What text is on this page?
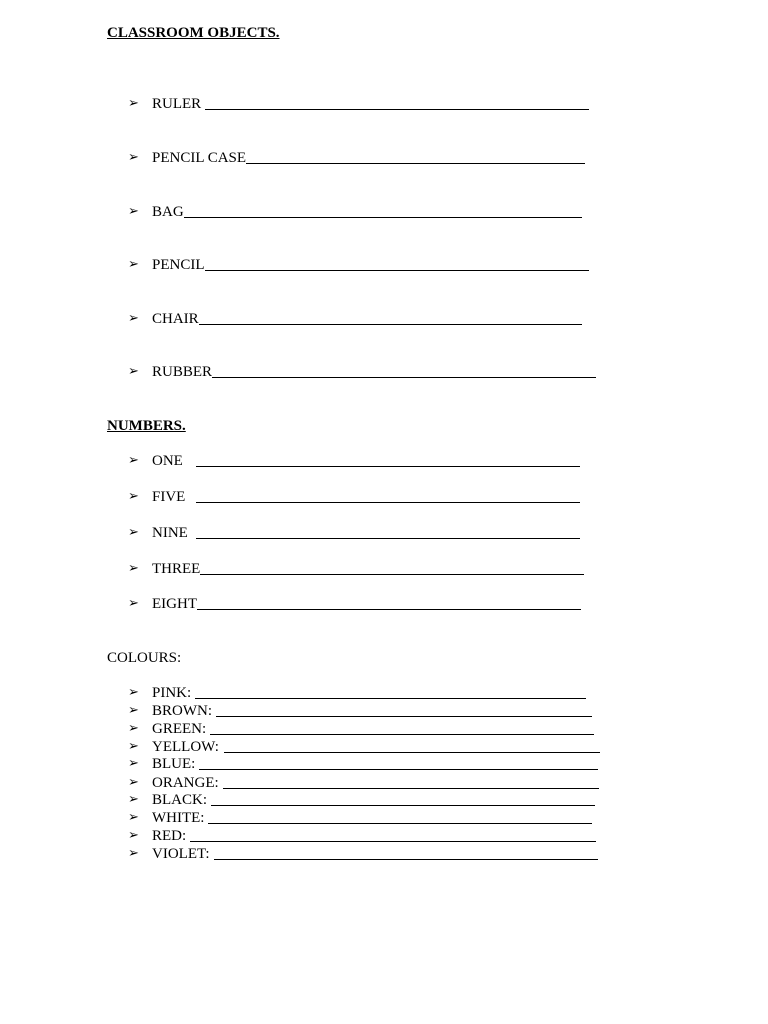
CLASSROOM OBJECTS.
➢ RULER
➢ PENCIL CASE
➢ BAG
➢ PENCIL
➢ CHAIR
➢ RUBBER
NUMBERS.
➢ ONE
➢ FIVE
➢ NINE
➢ THREE
➢ EIGHT
COLOURS:
➢ PINK:
➢ BROWN:
➢ GREEN:
➢ YELLOW:
➢ BLUE:
➢ ORANGE:
➢ BLACK:
➢ WHITE:
➢ RED:
➢ VIOLET:
